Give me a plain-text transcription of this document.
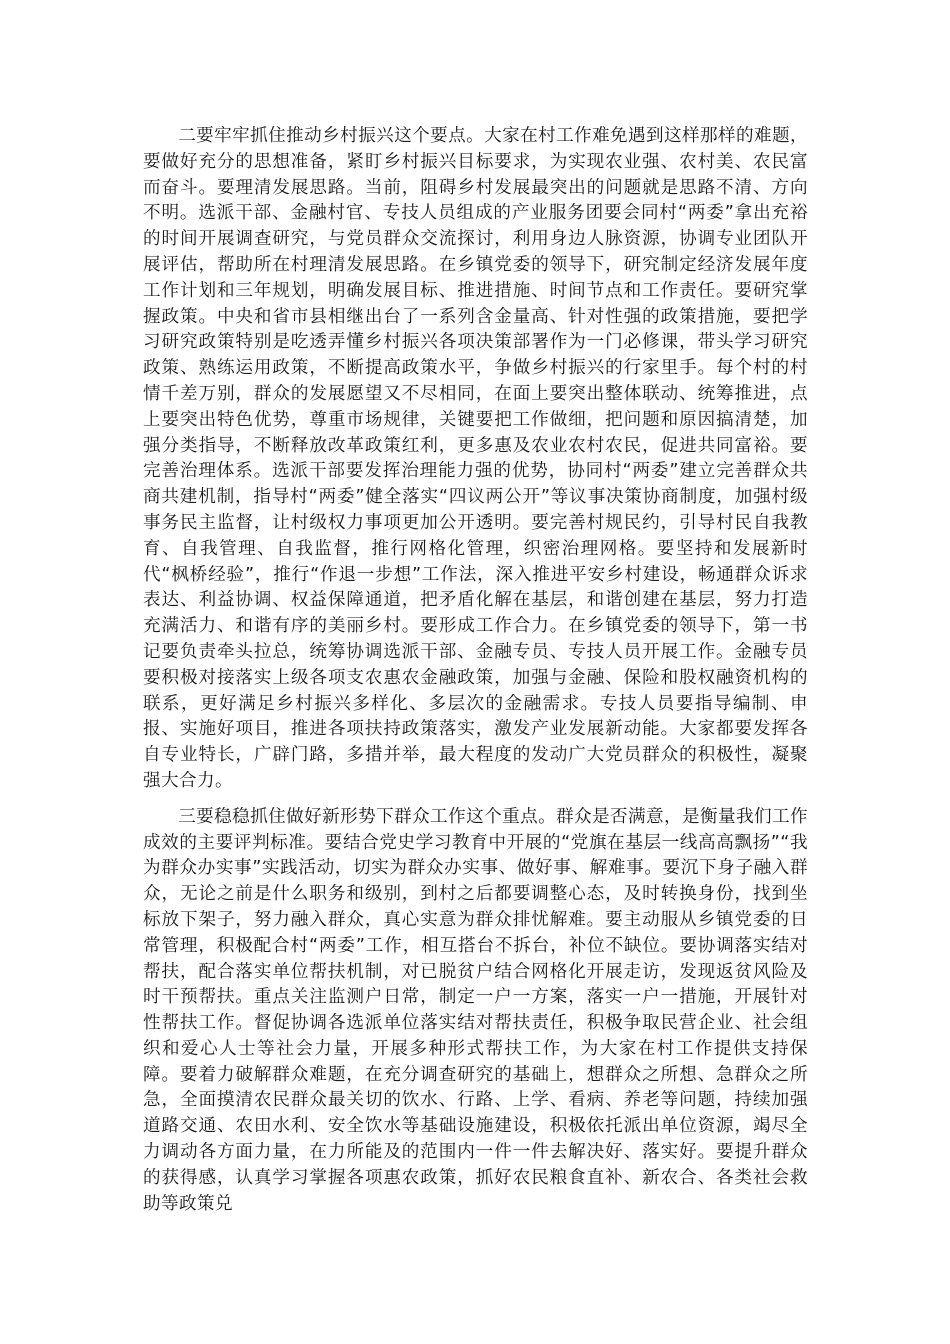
二要牢牢抓住推动乡村振兴这个要点。大家在村工作难免遇到这样那样的难题，要做好充分的思想准备，紧盯乡村振兴目标要求，为实现农业强、农村美、农民富而奋斗。要理清发展思路。当前，阻碍乡村发展最突出的问题就是思路不清、方向不明。选派干部、金融村官、专技人员组成的产业服务团要会同村“两委”拿出充裕的时间开展调查研究，与党员群众交流探讨，利用身边人脉资源，协调专业团队开展评估，帮助所在村理清发展思路。在乡镇党委的领导下，研究制定经济发展年度工作计划和三年规划，明确发展目标、推进措施、时间节点和工作责任。要研究掌握政策。中央和省市县相继出台了一系列含金量高、针对性强的政策措施，要把学习研究政策特别是吃透弄懂乡村振兴各项决策部署作为一门必修课，带头学习研究政策、熟练运用政策，不断提高政策水平，争做乡村振兴的行家里手。每个村的村情千差万别，群众的发展愿望又不尽相同，在面上要突出整体联动、统筹推进，点上要突出特色优势，尊重市场规律，关键要把工作做细，把问题和原因搞清楚，加强分类指导，不断释放改革政策红利，更多惠及农业农村农民，促进共同富裕。要完善治理体系。选派干部要发挥治理能力强的优势，协同村“两委”建立完善群众共商共建机制，指导村“两委”健全落实“四议两公开”等议事决策协商制度，加强村级事务民主监督，让村级权力事项更加公开透明。要完善村规民约，引导村民自我教育、自我管理、自我监督，推行网格化管理，织密治理网格。要坚持和发展新时代“枫桥经验”，推行“作退一步想”工作法，深入推进平安乡村建设，畅通群众诉求表达、利益协调、权益保障通道，把矛盾化解在基层，和谐创建在基层，努力打造充满活力、和谐有序的美丽乡村。要形成工作合力。在乡镇党委的领导下，第一书记要负责牵头拉总，统筹协调选派干部、金融专员、专技人员开展工作。金融专员要积极对接落实上级各项支农惠农金融政策，加强与金融、保险和股权融资机构的联系，更好满足乡村振兴多样化、多层次的金融需求。专技人员要指导编制、申报、实施好项目，推进各项扶持政策落实，激发产业发展新动能。大家都要发挥各自专业特长，广辟门路，多措并举，最大程度的发动广大党员群众的积极性，凝聚强大合力。

三要稳稳抓住做好新形势下群众工作这个重点。群众是否满意，是衡量我们工作成效的主要评判标准。要结合党史学习教育中开展的“党旗在基层一线高高飘扬”“我为群众办实事”实践活动，切实为群众办实事、做好事、解难事。要沉下身子融入群众，无论之前是什么职务和级别，到村之后都要调整心态，及时转换身份，找到坐标放下架子，努力融入群众，真心实意为群众排忧解难。要主动服从乡镇党委的日常管理，积极配合村“两委”工作，相互搭台不拆台，补位不缺位。要协调落实结对帮扶，配合落实单位帮扶机制，对已脱贫户结合网格化开展走访，发现返贫风险及时干预帮扶。重点关注监测户日常，制定一户一方案，落实一户一措施，开展针对性帮扶工作。督促协调各选派单位落实结对帮扶责任，积极争取民营企业、社会组织和爱心人士等社会力量，开展多种形式帮扶工作，为大家在村工作提供支持保障。要着力破解群众难题，在充分调查研究的基础上，想群众之所想、急群众之所急，全面摸清农民群众最关切的饮水、行路、上学、看病、养老等问题，持续加强道路交通、农田水利、安全饮水等基础设施建设，积极依托派出单位资源，竭尽全力调动各方面力量，在力所能及的范围内一件一件去解决好、落实好。要提升群众的获得感，认真学习掌握各项惠农政策，抓好农民粮食直补、新农合、各类社会救助等政策兑
